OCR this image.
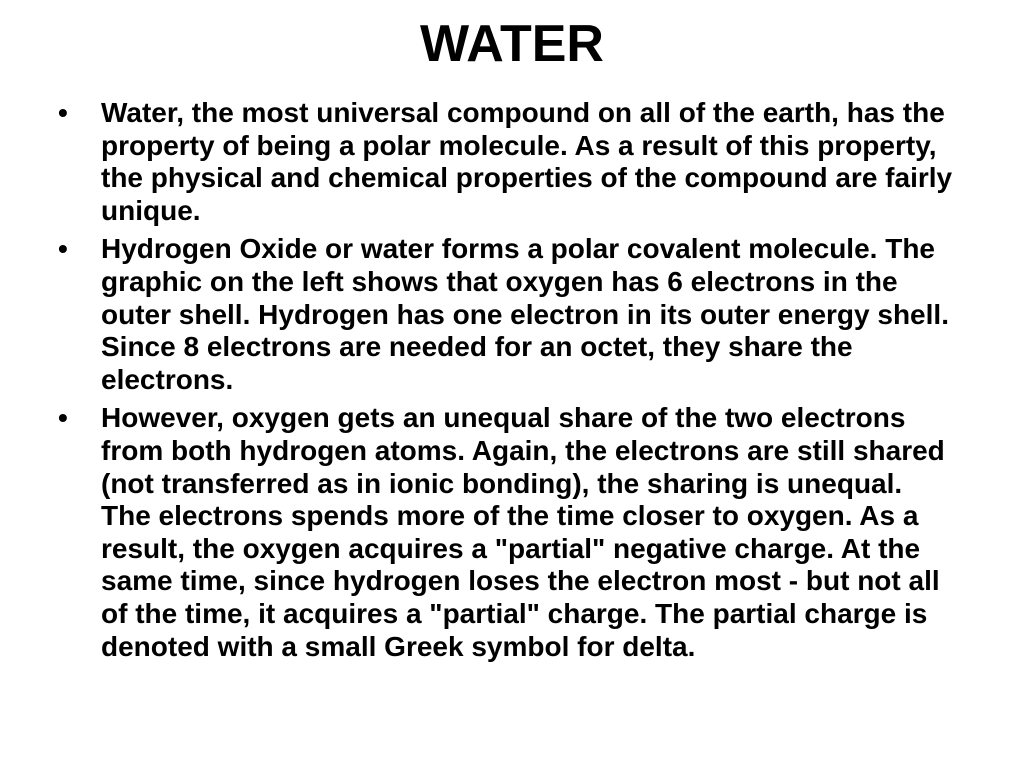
WATER
•	Water, the most universal compound on all of the earth, has the property of being a polar molecule. As a result of this property, the physical and chemical properties of the compound are fairly unique.
•	Hydrogen Oxide or water forms a polar covalent molecule. The graphic on the left shows that oxygen has 6 electrons in the outer shell. Hydrogen has one electron in its outer energy shell. Since 8 electrons are needed for an octet, they share the electrons.
•	However, oxygen gets an unequal share of the two electrons from both hydrogen atoms. Again, the electrons are still shared (not transferred as in ionic bonding), the sharing is unequal. The electrons spends more of the time closer to oxygen. As a result, the oxygen acquires a "partial" negative charge. At the same time, since hydrogen loses the electron most - but not all of the time, it acquires a "partial" charge. The partial charge is denoted with a small Greek symbol for delta.
